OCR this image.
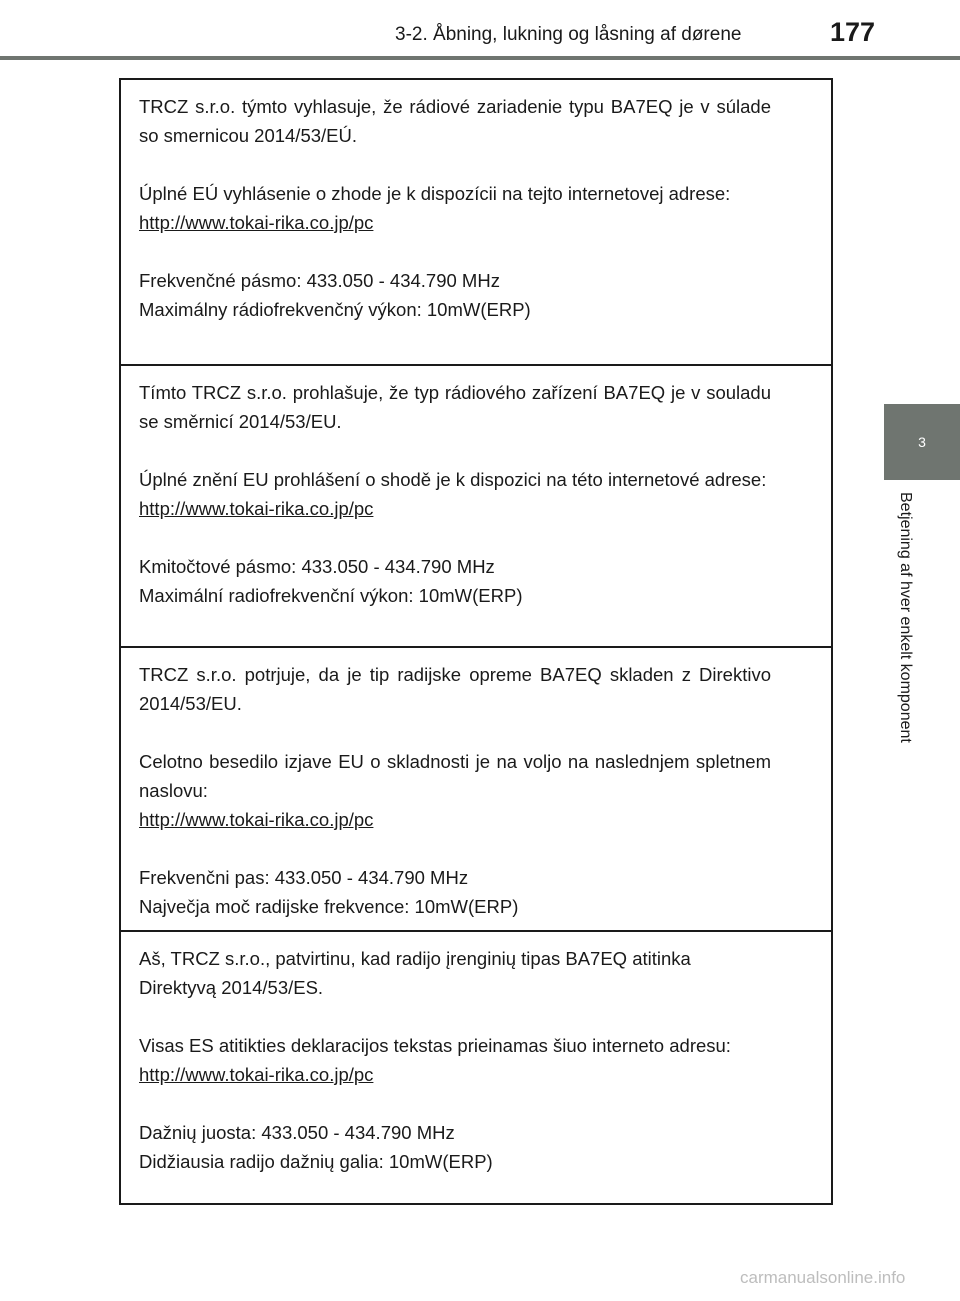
3-2. Åbning, lukning og låsning af dørene	177
3
Betjening af hver enkelt komponent

TRCZ s.r.o. týmto vyhlasuje, že rádiové zariadenie typu BA7EQ je v súlade so smernicou 2014/53/EÚ.

Úplné EÚ vyhlásenie o zhode je k dispozícii na tejto internetovej adrese:

http://www.tokai-rika.co.jp/pc

Frekvenčné pásmo: 433.050 - 434.790 MHz

Maximálny rádiofrekvenčný výkon: 10mW(ERP)

Tímto TRCZ s.r.o. prohlašuje, že typ rádiového zařízení BA7EQ je v souladu se směrnicí 2014/53/EU.

Úplné znění EU prohlášení o shodě je k dispozici na této internetové adrese:

http://www.tokai-rika.co.jp/pc

Kmitočtové pásmo: 433.050 - 434.790 MHz

Maximální radiofrekvenční výkon: 10mW(ERP)

TRCZ s.r.o. potrjuje, da je tip radijske opreme BA7EQ skladen z Direktivo 2014/53/EU.

Celotno besedilo izjave EU o skladnosti je na voljo na naslednjem spletnem naslovu:

http://www.tokai-rika.co.jp/pc

Frekvenčni pas: 433.050 - 434.790 MHz

Največja moč radijske frekvence: 10mW(ERP)

Aš, TRCZ s.r.o., patvirtinu, kad radijo įrenginių tipas BA7EQ atitinka Direktyvą 2014/53/ES.

Visas ES atitikties deklaracijos tekstas prieinamas šiuo interneto adresu:

http://www.tokai-rika.co.jp/pc

Dažnių juosta: 433.050 - 434.790 MHz

Didžiausia radijo dažnių galia: 10mW(ERP)

carmanualsonline.info
